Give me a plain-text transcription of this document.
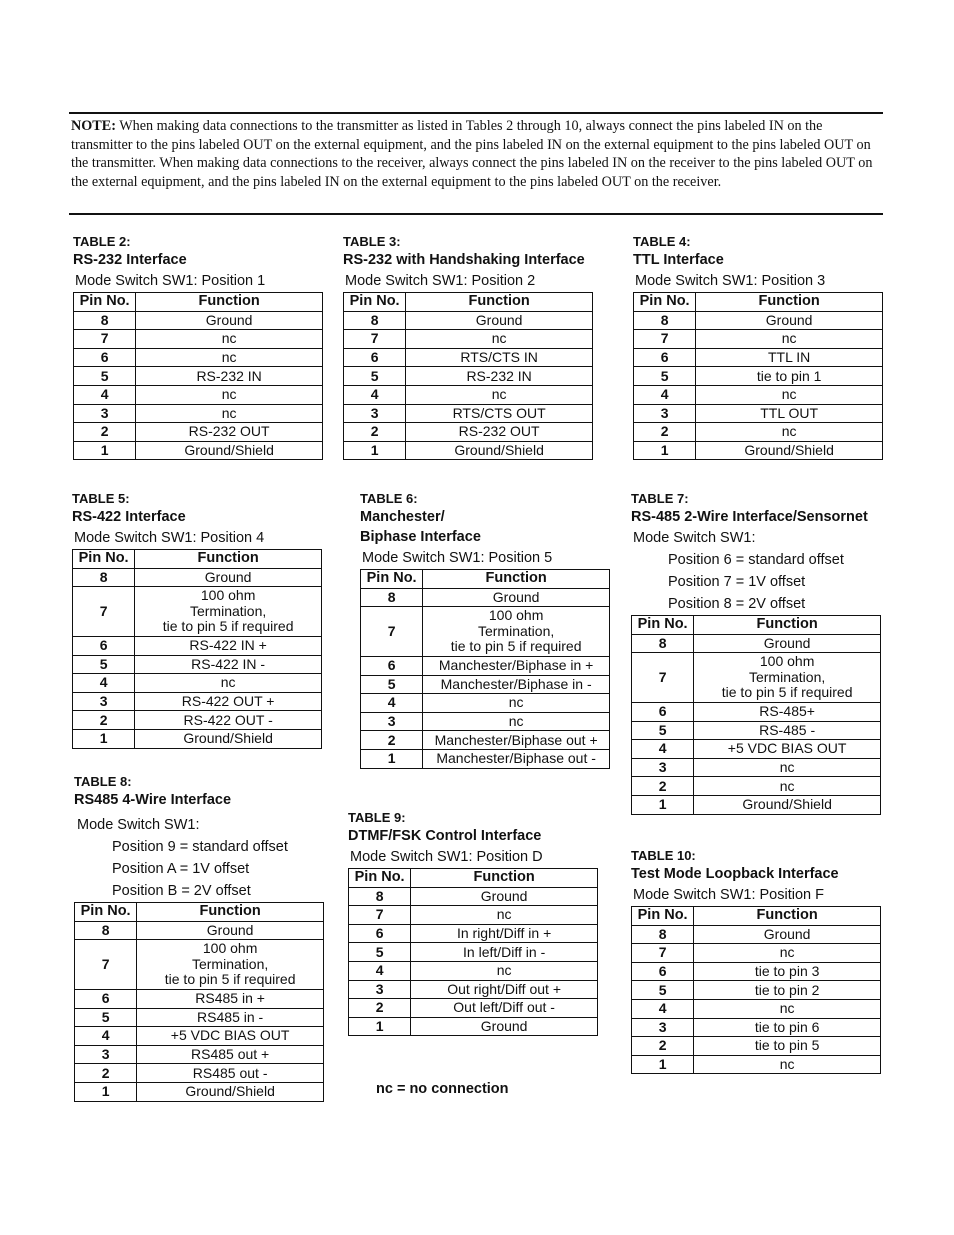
NOTE: When making data connections to the transmitter as listed in Tables 2 through 10, always connect the pins labeled IN on the transmitter to the pins labeled OUT on the external equipment, and the pins labeled IN on the external equipment to the pins labeled OUT on the transmitter. When making data connections to the receiver, always connect the pins labeled IN on the receiver to the pins labeled OUT on the external equipment, and the pins labeled IN on the external equipment to the pins labeled OUT on the receiver.
TABLE 2:
RS-232 Interface
Mode Switch SW1: Position 1
Pin No.	Function
8	Ground
7	nc
6	nc
5	RS-232 IN
4	nc
3	nc
2	RS-232 OUT
1	Ground/Shield
TABLE 3:
RS-232 with Handshaking Interface
Mode Switch SW1: Position 2
Pin No.	Function
8	Ground
7	nc
6	RTS/CTS IN
5	RS-232 IN
4	nc
3	RTS/CTS OUT
2	RS-232 OUT
1	Ground/Shield
TABLE 4:
TTL Interface
Mode Switch SW1: Position 3
Pin No.	Function
8	Ground
7	nc
6	TTL IN
5	tie to pin 1
4	nc
3	TTL OUT
2	nc
1	Ground/Shield
TABLE 5:
RS-422 Interface
Mode Switch SW1: Position 4
Pin No.	Function
8	Ground
7	100 ohm
Termination,
tie to pin 5 if required
6	RS-422 IN +
5	RS-422 IN -
4	nc
3	RS-422 OUT +
2	RS-422 OUT -
1	Ground/Shield
TABLE 6:
Manchester/
Biphase Interface
Mode Switch SW1: Position 5
Pin No.	Function
8	Ground
7	100 ohm
Termination,
tie to pin 5 if required
6	Manchester/Biphase in +
5	Manchester/Biphase in -
4	nc
3	nc
2	Manchester/Biphase out +
1	Manchester/Biphase out -
TABLE 7:
RS-485 2-Wire Interface/Sensornet
Mode Switch SW1:
Position 6 = standard offset
Position 7 = 1V offset
Position 8 = 2V offset
Pin No.	Function
8	Ground
7	100 ohm
Termination,
tie to pin 5 if required
6	RS-485+
5	RS-485 -
4	+5 VDC BIAS OUT
3	nc
2	nc
1	Ground/Shield
TABLE 8:
RS485 4-Wire Interface
Mode Switch SW1:
Position 9 = standard offset
Position A = 1V offset
Position B = 2V offset
Pin No.	Function
8	Ground
7	100 ohm
Termination,
tie to pin 5 if required
6	RS485 in +
5	RS485 in -
4	+5 VDC BIAS OUT
3	RS485 out +
2	RS485 out -
1	Ground/Shield
TABLE 9:
DTMF/FSK Control Interface
Mode Switch SW1: Position D
Pin No.	Function
8	Ground
7	nc
6	In right/Diff in +
5	In left/Diff in -
4	nc
3	Out right/Diff out +
2	Out left/Diff out -
1	Ground
TABLE 10:
Test Mode Loopback Interface
Mode Switch SW1: Position F
Pin No.	Function
8	Ground
7	nc
6	tie to pin 3
5	tie to pin 2
4	nc
3	tie to pin 6
2	tie to pin 5
1	nc
nc = no connection
